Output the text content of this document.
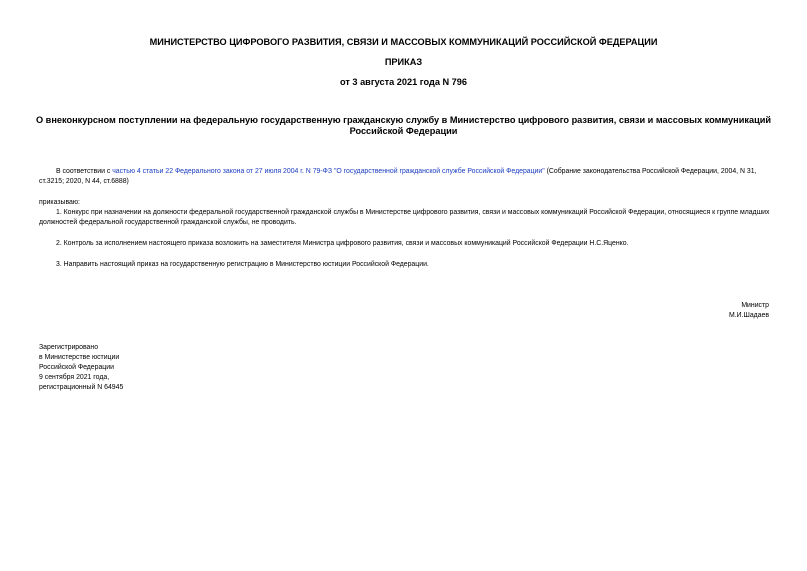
МИНИСТЕРСТВО ЦИФРОВОГО РАЗВИТИЯ, СВЯЗИ И МАССОВЫХ КОММУНИКАЦИЙ РОССИЙСКОЙ ФЕДЕРАЦИИ
ПРИКАЗ
от 3 августа 2021 года N 796
О внеконкурсном поступлении на федеральную государственную гражданскую службу в Министерство цифрового развития, связи и массовых коммуникаций Российской Федерации
В соответствии с частью 4 статьи 22 Федерального закона от 27 июля 2004 г. N 79-ФЗ "О государственной гражданской службе Российской Федерации" (Собрание законодательства Российской Федерации, 2004, N 31, ст.3215; 2020, N 44, ст.6888)
приказываю:
1. Конкурс при назначении на должности федеральной государственной гражданской службы в Министерстве цифрового развития, связи и массовых коммуникаций Российской Федерации, относящиеся к группе младших должностей федеральной государственной гражданской службы, не проводить.
2. Контроль за исполнением настоящего приказа возложить на заместителя Министра цифрового развития, связи и массовых коммуникаций Российской Федерации Н.С.Яценко.
3. Направить настоящий приказ на государственную регистрацию в Министерство юстиции Российской Федерации.
Министр
М.И.Шадаев
Зарегистрировано
в Министерстве юстиции
Российской Федерации
9 сентября 2021 года,
регистрационный N 64945
